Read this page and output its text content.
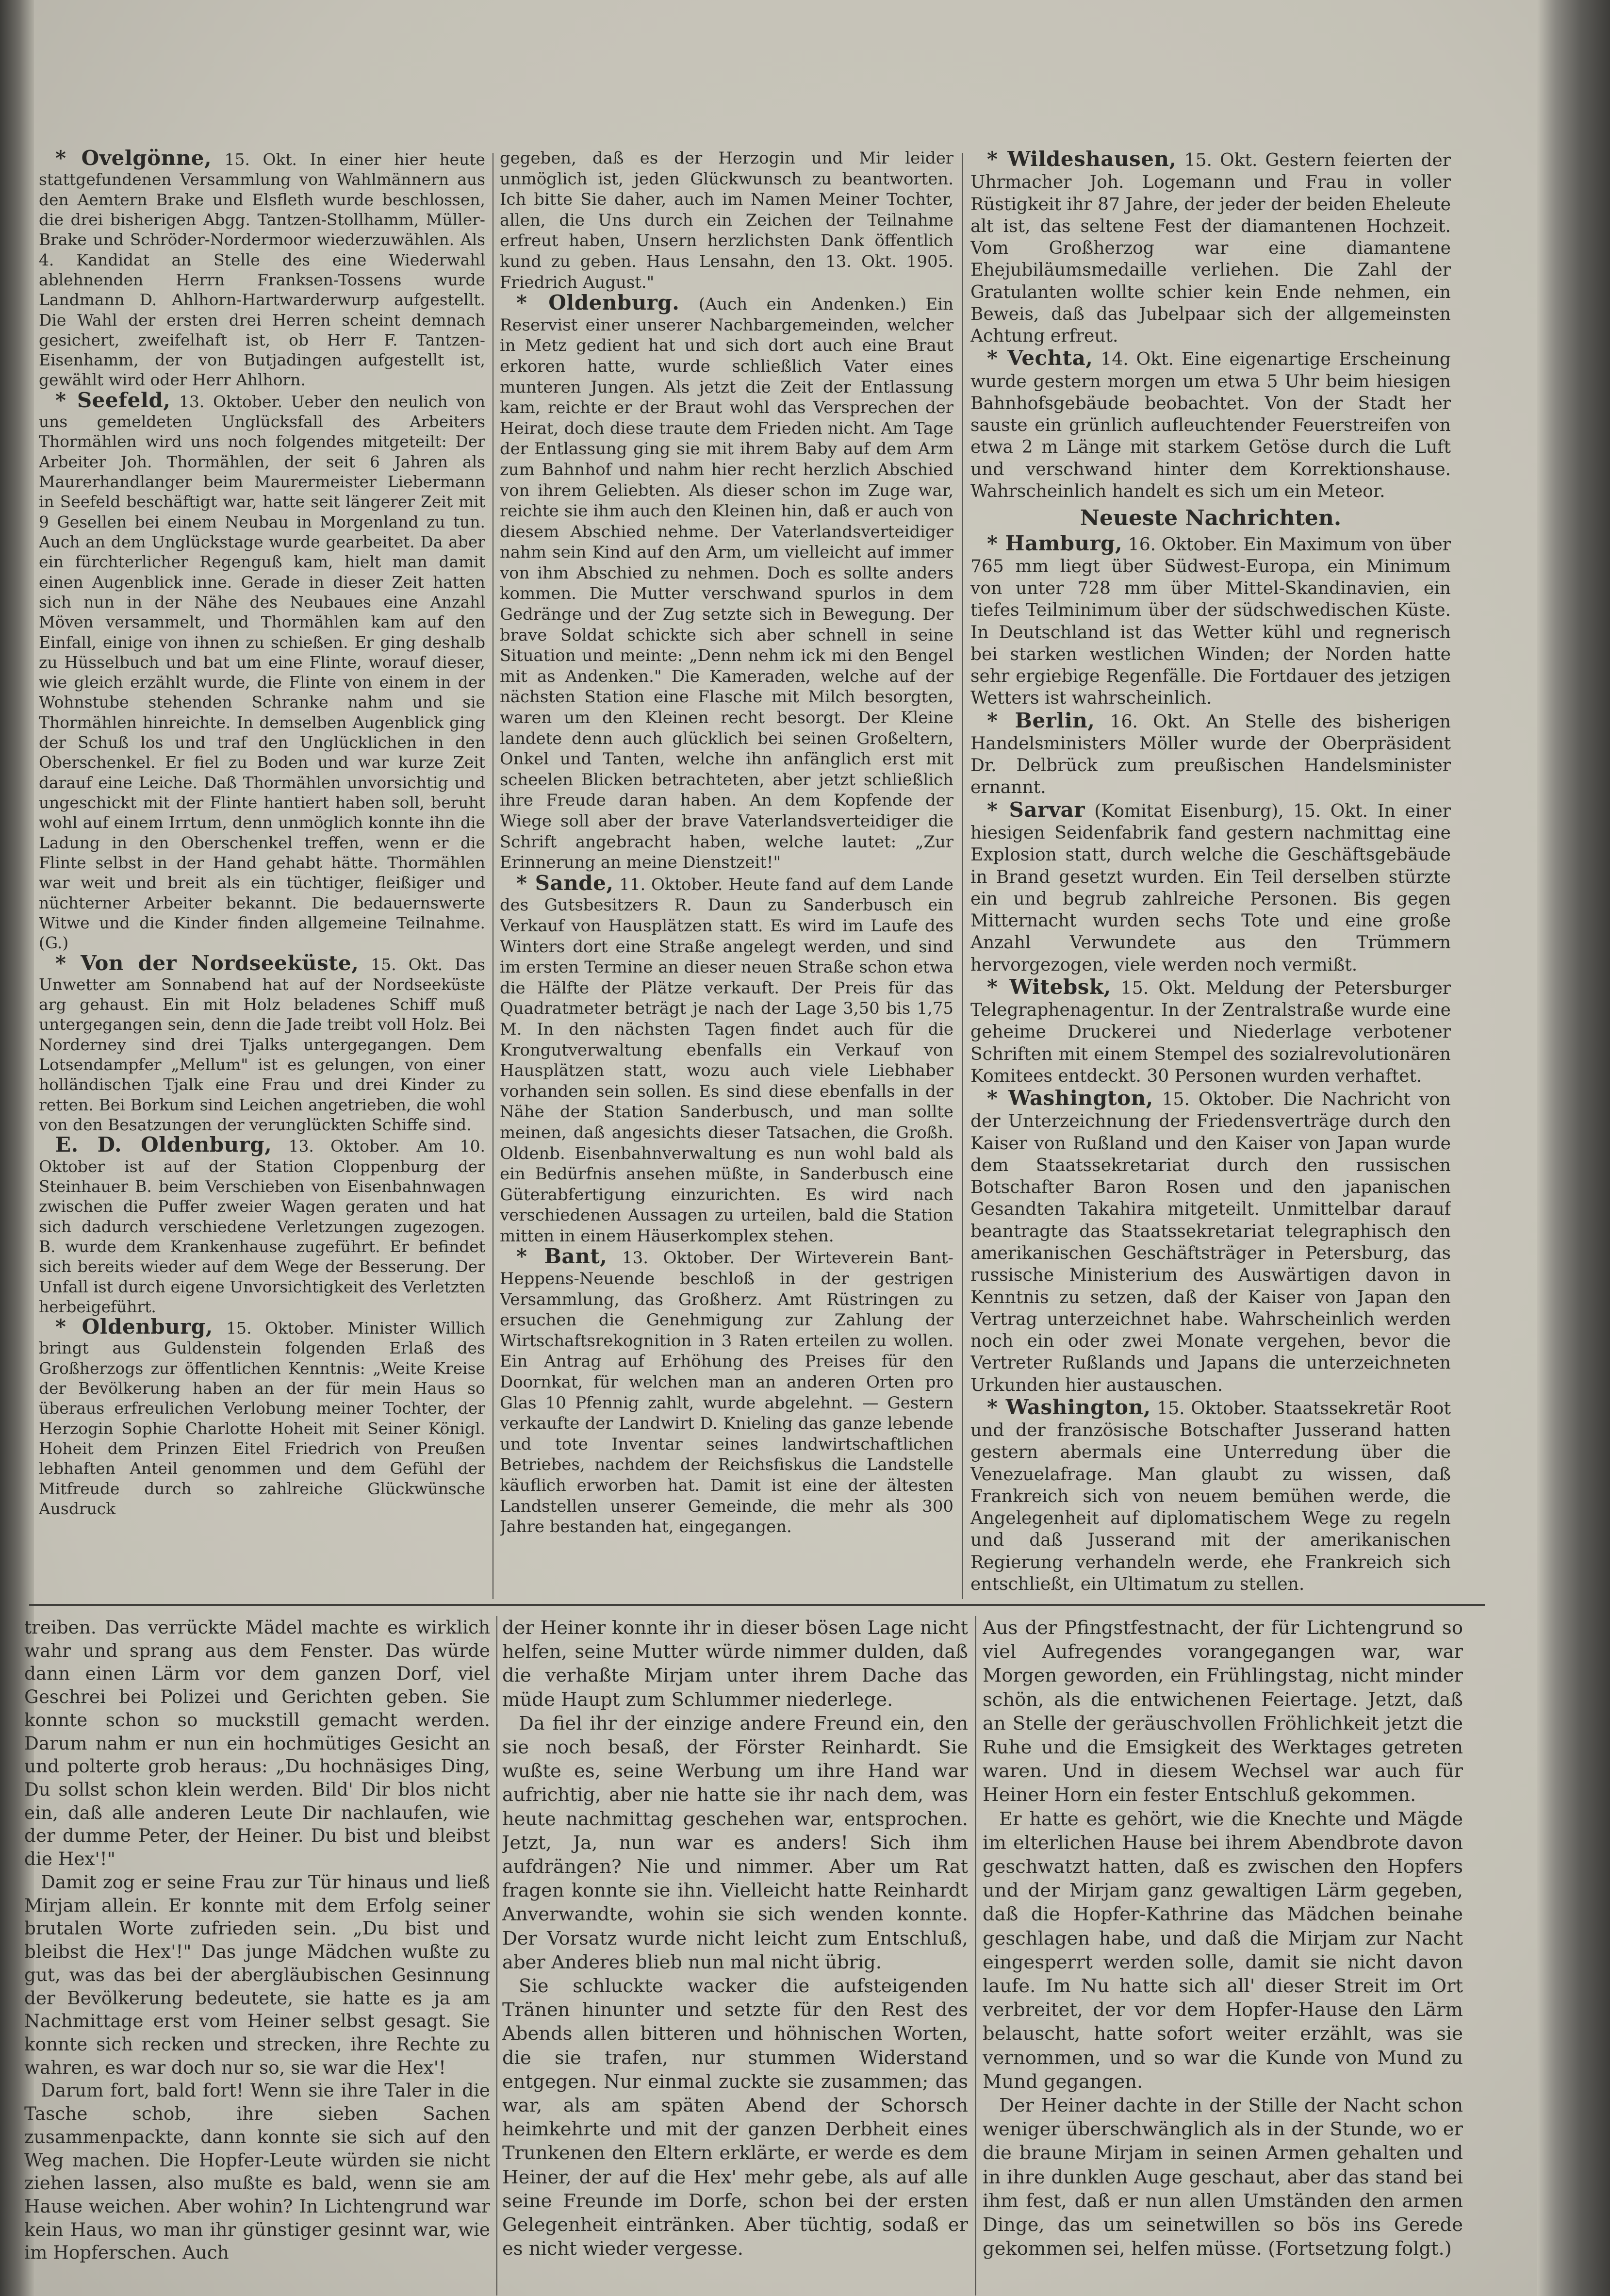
* Ovelgönne, 15. Okt. In einer hier heute stattgefundenen Versammlung von Wahlmännern aus den Aemtern Brake und Elsfleth wurde beschlossen, die drei bisherigen Abgg. Tantzen-Stollhamm, Müller-Brake und Schröder-Nordermoor wiederzuwählen. Als 4. Kandidat an Stelle des eine Wiederwahl ablehnenden Herrn Franksen-Tossens wurde Landmann D. Ahlhorn-Hartwarderwurp aufgestellt. Die Wahl der ersten drei Herren scheint demnach gesichert, zweifelhaft ist, ob Herr F. Tantzen-Eisenhamm, der von Butjadingen aufgestellt ist, gewählt wird oder Herr Ahlhorn.

* Seefeld, 13. Oktober. Ueber den neulich von uns gemeldeten Unglücksfall des Arbeiters Thormählen wird uns noch folgendes mitgeteilt: Der Arbeiter Joh. Thormählen, der seit 6 Jahren als Maurerhandlanger beim Maurermeister Liebermann in Seefeld beschäftigt war, hatte seit längerer Zeit mit 9 Gesellen bei einem Neubau in Morgenland zu tun. Auch an dem Unglückstage wurde gearbeitet. Da aber ein fürchterlicher Regenguß kam, hielt man damit einen Augenblick inne. Gerade in dieser Zeit hatten sich nun in der Nähe des Neubaues eine Anzahl Möven versammelt, und Thormählen kam auf den Einfall, einige von ihnen zu schießen. Er ging deshalb zu Hüsselbuch und bat um eine Flinte, worauf dieser, wie gleich erzählt wurde, die Flinte von einem in der Wohnstube stehenden Schranke nahm und sie Thormählen hinreichte. In demselben Augenblick ging der Schuß los und traf den Unglücklichen in den Oberschenkel. Er fiel zu Boden und war kurze Zeit darauf eine Leiche. Daß Thormählen unvorsichtig und ungeschickt mit der Flinte hantiert haben soll, beruht wohl auf einem Irrtum, denn unmöglich konnte ihn die Ladung in den Oberschenkel treffen, wenn er die Flinte selbst in der Hand gehabt hätte. Thormählen war weit und breit als ein tüchtiger, fleißiger und nüchterner Arbeiter bekannt. Die bedauernswerte Witwe und die Kinder finden allgemeine Teilnahme. (G.)

* Von der Nordseeküste, 15. Okt. Das Unwetter am Sonnabend hat auf der Nordseeküste arg gehaust. Ein mit Holz beladenes Schiff muß untergegangen sein, denn die Jade treibt voll Holz. Bei Norderney sind drei Tjalks untergegangen. Dem Lotsendampfer „Mellum" ist es gelungen, von einer holländischen Tjalk eine Frau und drei Kinder zu retten. Bei Borkum sind Leichen angetrieben, die wohl von den Besatzungen der verunglückten Schiffe sind.

E. D. Oldenburg, 13. Oktober. Am 10. Oktober ist auf der Station Cloppenburg der Steinhauer B. beim Verschieben von Eisenbahnwagen zwischen die Puffer zweier Wagen geraten und hat sich dadurch verschiedene Verletzungen zugezogen. B. wurde dem Krankenhause zugeführt. Er befindet sich bereits wieder auf dem Wege der Besserung. Der Unfall ist durch eigene Unvorsichtigkeit des Verletzten herbeigeführt.

* Oldenburg, 15. Oktober. Minister Willich bringt aus Guldenstein folgenden Erlaß des Großherzogs zur öffentlichen Kenntnis: „Weite Kreise der Bevölkerung haben an der für mein Haus so überaus erfreulichen Verlobung meiner Tochter, der Herzogin Sophie Charlotte Hoheit mit Seiner Königl. Hoheit dem Prinzen Eitel Friedrich von Preußen lebhaften Anteil genommen und dem Gefühl der Mitfreude durch so zahlreiche Glückwünsche Ausdruck

gegeben, daß es der Herzogin und Mir leider unmöglich ist, jeden Glückwunsch zu beantworten. Ich bitte Sie daher, auch im Namen Meiner Tochter, allen, die Uns durch ein Zeichen der Teilnahme erfreut haben, Unsern herzlichsten Dank öffentlich kund zu geben. Haus Lensahn, den 13. Okt. 1905. Friedrich August."

* Oldenburg. (Auch ein Andenken.) Ein Reservist einer unserer Nachbargemeinden, welcher in Metz gedient hat und sich dort auch eine Braut erkoren hatte, wurde schließlich Vater eines munteren Jungen. Als jetzt die Zeit der Entlassung kam, reichte er der Braut wohl das Versprechen der Heirat, doch diese traute dem Frieden nicht. Am Tage der Entlassung ging sie mit ihrem Baby auf dem Arm zum Bahnhof und nahm hier recht herzlich Abschied von ihrem Geliebten. Als dieser schon im Zuge war, reichte sie ihm auch den Kleinen hin, daß er auch von diesem Abschied nehme. Der Vaterlandsverteidiger nahm sein Kind auf den Arm, um vielleicht auf immer von ihm Abschied zu nehmen. Doch es sollte anders kommen. Die Mutter verschwand spurlos in dem Gedränge und der Zug setzte sich in Bewegung. Der brave Soldat schickte sich aber schnell in seine Situation und meinte: „Denn nehm ick mi den Bengel mit as Andenken." Die Kameraden, welche auf der nächsten Station eine Flasche mit Milch besorgten, waren um den Kleinen recht besorgt. Der Kleine landete denn auch glücklich bei seinen Großeltern, Onkel und Tanten, welche ihn anfänglich erst mit scheelen Blicken betrachteten, aber jetzt schließlich ihre Freude daran haben. An dem Kopfende der Wiege soll aber der brave Vaterlandsverteidiger die Schrift angebracht haben, welche lautet: „Zur Erinnerung an meine Dienstzeit!"

* Sande, 11. Oktober. Heute fand auf dem Lande des Gutsbesitzers R. Daun zu Sanderbusch ein Verkauf von Hausplätzen statt. Es wird im Laufe des Winters dort eine Straße angelegt werden, und sind im ersten Termine an dieser neuen Straße schon etwa die Hälfte der Plätze verkauft. Der Preis für das Quadratmeter beträgt je nach der Lage 3,50 bis 1,75 M. In den nächsten Tagen findet auch für die Krongutverwaltung ebenfalls ein Verkauf von Hausplätzen statt, wozu auch viele Liebhaber vorhanden sein sollen. Es sind diese ebenfalls in der Nähe der Station Sanderbusch, und man sollte meinen, daß angesichts dieser Tatsachen, die Großh. Oldenb. Eisenbahnverwaltung es nun wohl bald als ein Bedürfnis ansehen müßte, in Sanderbusch eine Güterabfertigung einzurichten. Es wird nach verschiedenen Aussagen zu urteilen, bald die Station mitten in einem Häuserkomplex stehen.

* Bant, 13. Oktober. Der Wirteverein Bant-Heppens-Neuende beschloß in der gestrigen Versammlung, das Großherz. Amt Rüstringen zu ersuchen die Genehmigung zur Zahlung der Wirtschaftsrekognition in 3 Raten erteilen zu wollen. Ein Antrag auf Erhöhung des Preises für den Doornkat, für welchen man an anderen Orten pro Glas 10 Pfennig zahlt, wurde abgelehnt. — Gestern verkaufte der Landwirt D. Knieling das ganze lebende und tote Inventar seines landwirtschaftlichen Betriebes, nachdem der Reichsfiskus die Landstelle käuflich erworben hat. Damit ist eine der ältesten Landstellen unserer Gemeinde, die mehr als 300 Jahre bestanden hat, eingegangen.

* Wildeshausen, 15. Okt. Gestern feierten der Uhrmacher Joh. Logemann und Frau in voller Rüstigkeit ihr 87 Jahre, der jeder der beiden Eheleute alt ist, das seltene Fest der diamantenen Hochzeit. Vom Großherzog war eine diamantene Ehejubiläumsmedaille verliehen. Die Zahl der Gratulanten wollte schier kein Ende nehmen, ein Beweis, daß das Jubelpaar sich der allgemeinsten Achtung erfreut.

* Vechta, 14. Okt. Eine eigenartige Erscheinung wurde gestern morgen um etwa 5 Uhr beim hiesigen Bahnhofsgebäude beobachtet. Von der Stadt her sauste ein grünlich aufleuchtender Feuerstreifen von etwa 2 m Länge mit starkem Getöse durch die Luft und verschwand hinter dem Korrektionshause. Wahrscheinlich handelt es sich um ein Meteor.

Neueste Nachrichten.

* Hamburg, 16. Oktober. Ein Maximum von über 765 mm liegt über Südwest-Europa, ein Minimum von unter 728 mm über Mittel-Skandinavien, ein tiefes Teilminimum über der südschwedischen Küste. In Deutschland ist das Wetter kühl und regnerisch bei starken westlichen Winden; der Norden hatte sehr ergiebige Regenfälle. Die Fortdauer des jetzigen Wetters ist wahrscheinlich.

* Berlin, 16. Okt. An Stelle des bisherigen Handelsministers Möller wurde der Oberpräsident Dr. Delbrück zum preußischen Handelsminister ernannt.

* Sarvar (Komitat Eisenburg), 15. Okt. In einer hiesigen Seidenfabrik fand gestern nachmittag eine Explosion statt, durch welche die Geschäftsgebäude in Brand gesetzt wurden. Ein Teil derselben stürzte ein und begrub zahlreiche Personen. Bis gegen Mitternacht wurden sechs Tote und eine große Anzahl Verwundete aus den Trümmern hervorgezogen, viele werden noch vermißt.

* Witebsk, 15. Okt. Meldung der Petersburger Telegraphenagentur. In der Zentralstraße wurde eine geheime Druckerei und Niederlage verbotener Schriften mit einem Stempel des sozialrevolutionären Komitees entdeckt. 30 Personen wurden verhaftet.

* Washington, 15. Oktober. Die Nachricht von der Unterzeichnung der Friedensverträge durch den Kaiser von Rußland und den Kaiser von Japan wurde dem Staatssekretariat durch den russischen Botschafter Baron Rosen und den japanischen Gesandten Takahira mitgeteilt. Unmittelbar darauf beantragte das Staatssekretariat telegraphisch den amerikanischen Geschäftsträger in Petersburg, das russische Ministerium des Auswärtigen davon in Kenntnis zu setzen, daß der Kaiser von Japan den Vertrag unterzeichnet habe. Wahrscheinlich werden noch ein oder zwei Monate vergehen, bevor die Vertreter Rußlands und Japans die unterzeichneten Urkunden hier austauschen.

* Washington, 15. Oktober. Staatssekretär Root und der französische Botschafter Jusserand hatten gestern abermals eine Unterredung über die Venezuelafrage. Man glaubt zu wissen, daß Frankreich sich von neuem bemühen werde, die Angelegenheit auf diplomatischem Wege zu regeln und daß Jusserand mit der amerikanischen Regierung verhandeln werde, ehe Frankreich sich entschließt, ein Ultimatum zu stellen.

treiben. Das verrückte Mädel machte es wirklich wahr und sprang aus dem Fenster. Das würde dann einen Lärm vor dem ganzen Dorf, viel Geschrei bei Polizei und Gerichten geben. Sie konnte schon so muckstill gemacht werden. Darum nahm er nun ein hochmütiges Gesicht an und polterte grob heraus: „Du hochnäsiges Ding, Du sollst schon klein werden. Bild' Dir blos nicht ein, daß alle anderen Leute Dir nachlaufen, wie der dumme Peter, der Heiner. Du bist und bleibst die Hex'!"

Damit zog er seine Frau zur Tür hinaus und ließ Mirjam allein. Er konnte mit dem Erfolg seiner brutalen Worte zufrieden sein. „Du bist und bleibst die Hex'!" Das junge Mädchen wußte zu gut, was das bei der abergläubischen Gesinnung der Bevölkerung bedeutete, sie hatte es ja am Nachmittage erst vom Heiner selbst gesagt. Sie konnte sich recken und strecken, ihre Rechte zu wahren, es war doch nur so, sie war die Hex'!

Darum fort, bald fort! Wenn sie ihre Taler in die Tasche schob, ihre sieben Sachen zusammenpackte, dann konnte sie sich auf den Weg machen. Die Hopfer-Leute würden sie nicht ziehen lassen, also mußte es bald, wenn sie am Hause weichen. Aber wohin? In Lichtengrund war kein Haus, wo man ihr günstiger gesinnt war, wie im Hopferschen. Auch

der Heiner konnte ihr in dieser bösen Lage nicht helfen, seine Mutter würde nimmer dulden, daß die verhaßte Mirjam unter ihrem Dache das müde Haupt zum Schlummer niederlege.

Da fiel ihr der einzige andere Freund ein, den sie noch besaß, der Förster Reinhardt. Sie wußte es, seine Werbung um ihre Hand war aufrichtig, aber nie hatte sie ihr nach dem, was heute nachmittag geschehen war, entsprochen. Jetzt, Ja, nun war es anders! Sich ihm aufdrängen? Nie und nimmer. Aber um Rat fragen konnte sie ihn. Vielleicht hatte Reinhardt Anverwandte, wohin sie sich wenden konnte. Der Vorsatz wurde nicht leicht zum Entschluß, aber Anderes blieb nun mal nicht übrig.

Sie schluckte wacker die aufsteigenden Tränen hinunter und setzte für den Rest des Abends allen bitteren und höhnischen Worten, die sie trafen, nur stummen Widerstand entgegen. Nur einmal zuckte sie zusammen; das war, als am späten Abend der Schorsch heimkehrte und mit der ganzen Derbheit eines Trunkenen den Eltern erklärte, er werde es dem Heiner, der auf die Hex' mehr gebe, als auf alle seine Freunde im Dorfe, schon bei der ersten Gelegenheit eintränken. Aber tüchtig, sodaß er es nicht wieder vergesse.

Aus der Pfingstfestnacht, der für Lichtengrund so viel Aufregendes vorangegangen war, war Morgen geworden, ein Frühlingstag, nicht minder schön, als die entwichenen Feiertage. Jetzt, daß an Stelle der geräuschvollen Fröhlichkeit jetzt die Ruhe und die Emsigkeit des Werktages getreten waren. Und in diesem Wechsel war auch für Heiner Horn ein fester Entschluß gekommen.

Er hatte es gehört, wie die Knechte und Mägde im elterlichen Hause bei ihrem Abendbrote davon geschwatzt hatten, daß es zwischen den Hopfers und der Mirjam ganz gewaltigen Lärm gegeben, daß die Hopfer-Kathrine das Mädchen beinahe geschlagen habe, und daß die Mirjam zur Nacht eingesperrt werden solle, damit sie nicht davon laufe. Im Nu hatte sich all' dieser Streit im Ort verbreitet, der vor dem Hopfer-Hause den Lärm belauscht, hatte sofort weiter erzählt, was sie vernommen, und so war die Kunde von Mund zu Mund gegangen.

Der Heiner dachte in der Stille der Nacht schon weniger überschwänglich als in der Stunde, wo er die braune Mirjam in seinen Armen gehalten und in ihre dunklen Auge geschaut, aber das stand bei ihm fest, daß er nun allen Umständen den armen Dinge, das um seinetwillen so bös ins Gerede gekommen sei, helfen müsse. (Fortsetzung folgt.)
